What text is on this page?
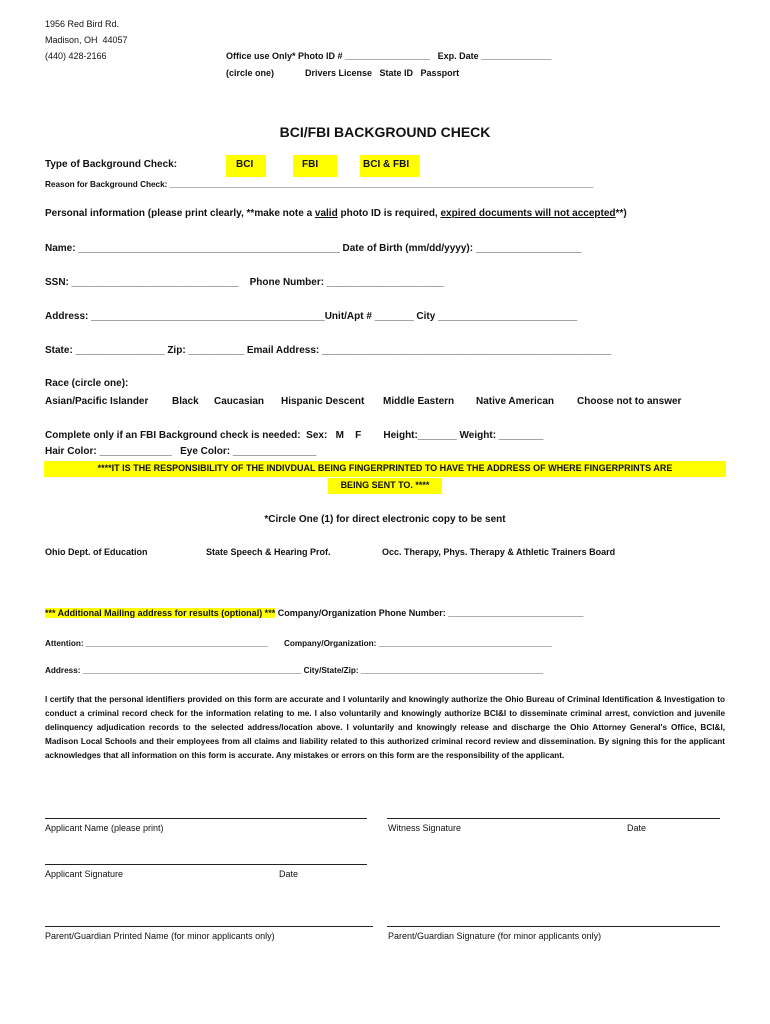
1956 Red Bird Rd.
Madison, OH  44057
(440) 428-2166	Office use Only* Photo ID # _________________   Exp. Date ______________
(circle one)	Drivers License   State ID   Passport
BCI/FBI BACKGROUND CHECK
Type of Background Check:	BCI	FBI	BCI & FBI
Reason for Background Check: _____________________________________________________________________________________________
Personal information (please print clearly, **make note a valid photo ID is required, expired documents will not accepted**)
Name: _______________________________________________ Date of Birth (mm/dd/yyyy): ___________________
SSN: ______________________________    Phone Number: _____________________
Address: __________________________________________Unit/Apt # _______ City _________________________
State: ________________ Zip: __________ Email Address: ____________________________________________________
Race (circle one):
Asian/Pacific Islander Black Caucasian Hispanic Descent Middle Eastern Native American Choose not to answer
Complete only if an FBI Background check is needed:  Sex:   M    F        Height:_______ Weight: ________
Hair Color: _____________   Eye Color: _______________
****IT IS THE RESPONSIBILITY OF THE INDIVDUAL BEING FINGERPRINTED TO HAVE THE ADDRESS OF WHERE FINGERPRINTS ARE
BEING SENT TO. ****
*Circle One (1) for direct electronic copy to be sent
Ohio Dept. of Education	State Speech & Hearing Prof.	Occ. Therapy, Phys. Therapy & Athletic Trainers Board
*** Additional Mailing address for results (optional) *** Company/Organization Phone Number: ___________________________
Attention: ________________________________________       Company/Organization: ______________________________________
Address: ________________________________________________ City/State/Zip: ________________________________________
I certify that the personal identifiers provided on this form are accurate and I voluntarily and knowingly authorize the Ohio Bureau of Criminal Identification & Investigation to conduct a criminal record check for the information relating to me. I also voluntarily and knowingly authorize BCI&I to disseminate criminal arrest, conviction and juvenile delinquency adjudication records to the selected address/location above. I voluntarily and knowingly release and discharge the Ohio Attorney General's Office, BCI&I, Madison Local Schools and their employees from all claims and liability related to this authorized criminal record review and dissemination. By signing this for the applicant acknowledges that all information on this form is accurate. Any mistakes or errors on this form are the responsibility of the applicant.
Applicant Name (please print)	Witness Signature	Date
Applicant Signature	Date
Parent/Guardian Printed Name (for minor applicants only)	Parent/Guardian Signature (for minor applicants only)
